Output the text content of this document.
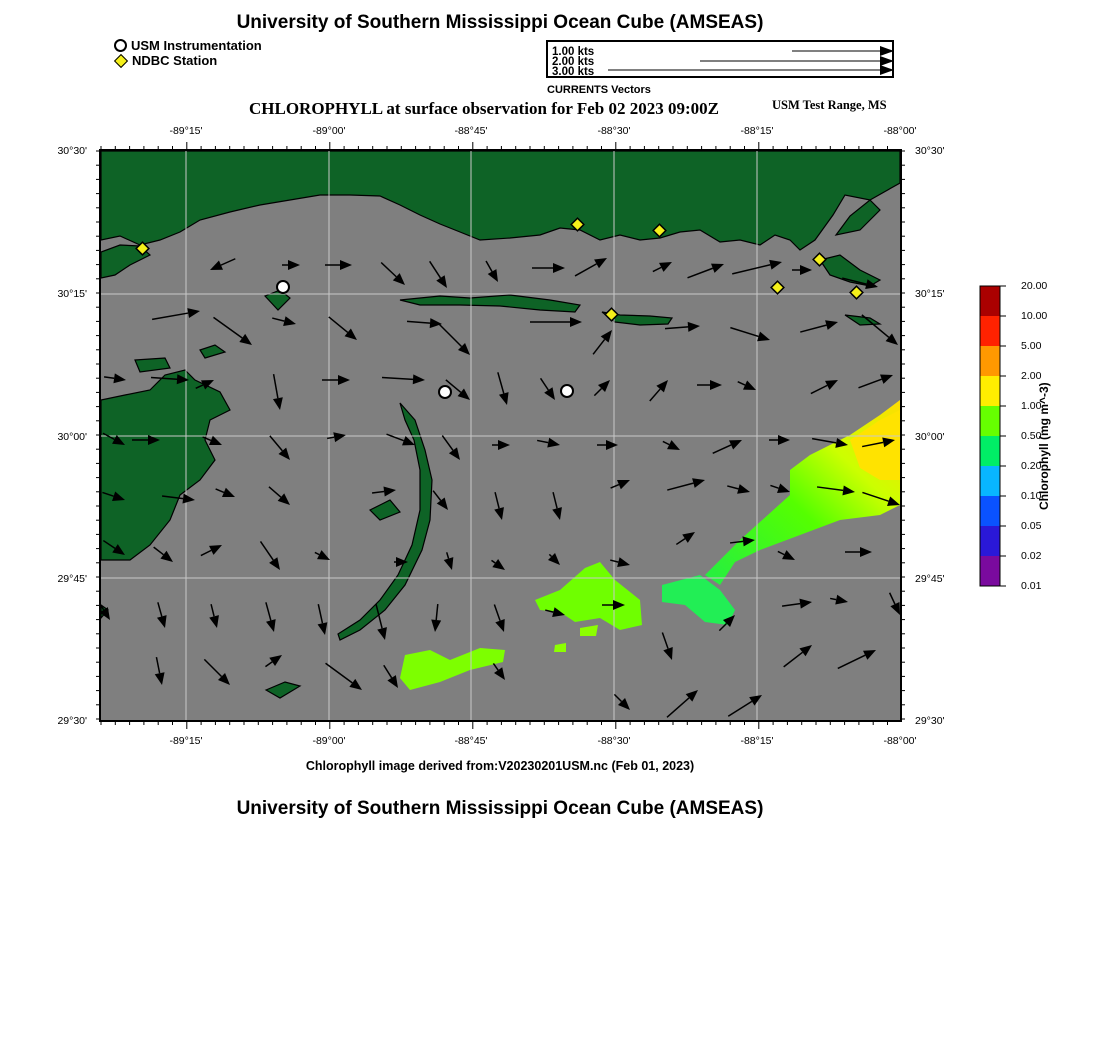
University of Southern Mississippi Ocean Cube (AMSEAS)
USM Instrumentation
NDBC Station
1.00 kts
2.00 kts
3.00 kts
CURRENTS Vectors
CHLOROPHYLL at surface observation for Feb 02 2023 09:00Z	USM Test Range, MS
-89°15'	-89°00'	-88°45'	-88°30'	-88°15'	-88°00'
-89°15'	-89°00'	-88°45'	-88°30'	-88°15'	-88°00'
30°30'
30°15'
30°00'
29°45'
29°30'
30°30'
30°15'
30°00'
29°45'
29°30'
20.00
10.00
5.00
2.00
1.00
0.50
0.20
0.10
0.05
0.02
0.01
Chlorophyll (mg m^-3)
Chlorophyll image derived from:V20230201USM.nc (Feb 01, 2023)
University of Southern Mississippi Ocean Cube (AMSEAS)
